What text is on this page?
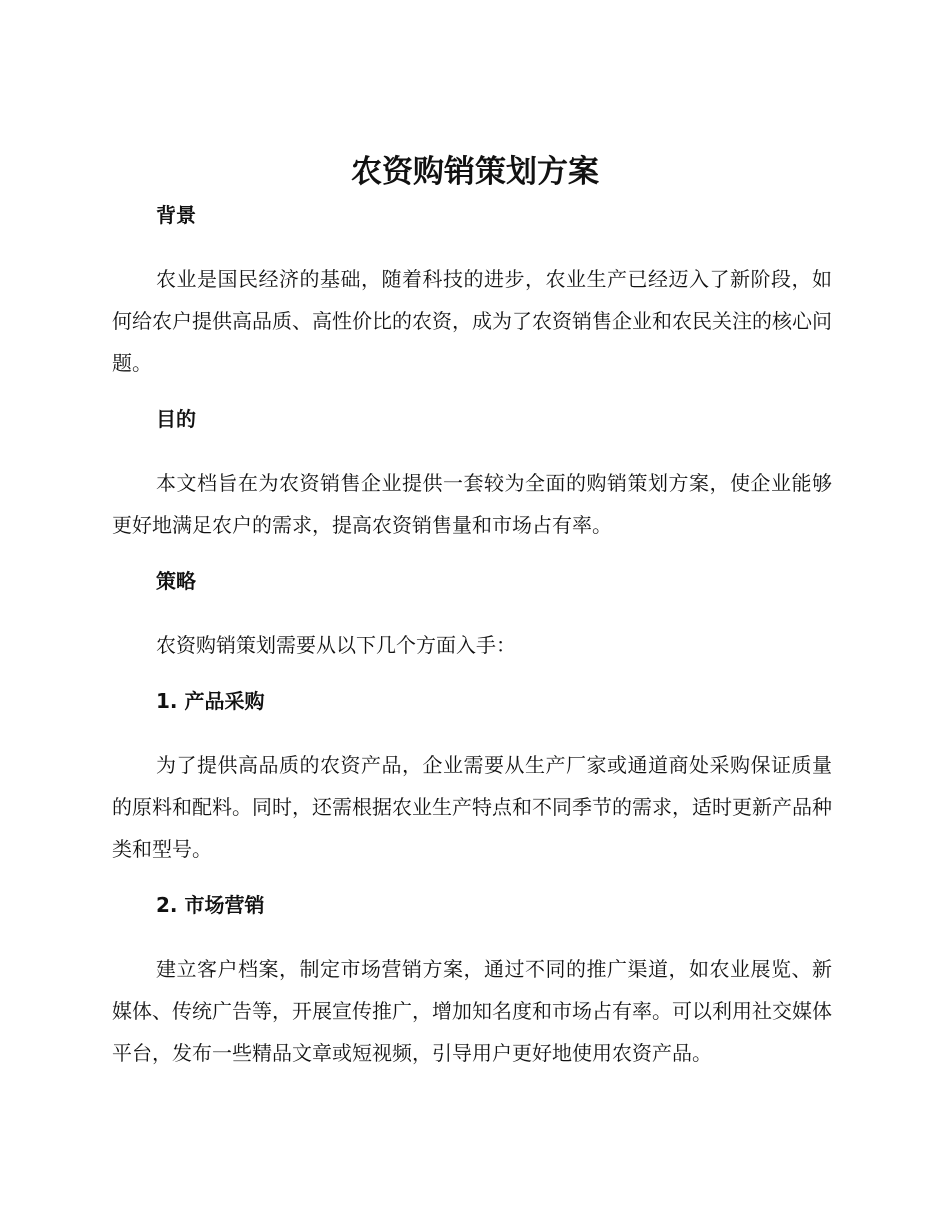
农资购销策划方案
背景

农业是国民经济的基础，随着科技的进步，农业生产已经迈入了新阶段，如何给农户提供高品质、高性价比的农资，成为了农资销售企业和农民关注的核心问题。

目的

本文档旨在为农资销售企业提供一套较为全面的购销策划方案，使企业能够更好地满足农户的需求，提高农资销售量和市场占有率。

策略

农资购销策划需要从以下几个方面入手：

1. 产品采购

为了提供高品质的农资产品，企业需要从生产厂家或通道商处采购保证质量的原料和配料。同时，还需根据农业生产特点和不同季节的需求，适时更新产品种类和型号。

2. 市场营销

建立客户档案，制定市场营销方案，通过不同的推广渠道，如农业展览、新媒体、传统广告等，开展宣传推广，增加知名度和市场占有率。可以利用社交媒体平台，发布一些精品文章或短视频，引导用户更好地使用农资产品。
